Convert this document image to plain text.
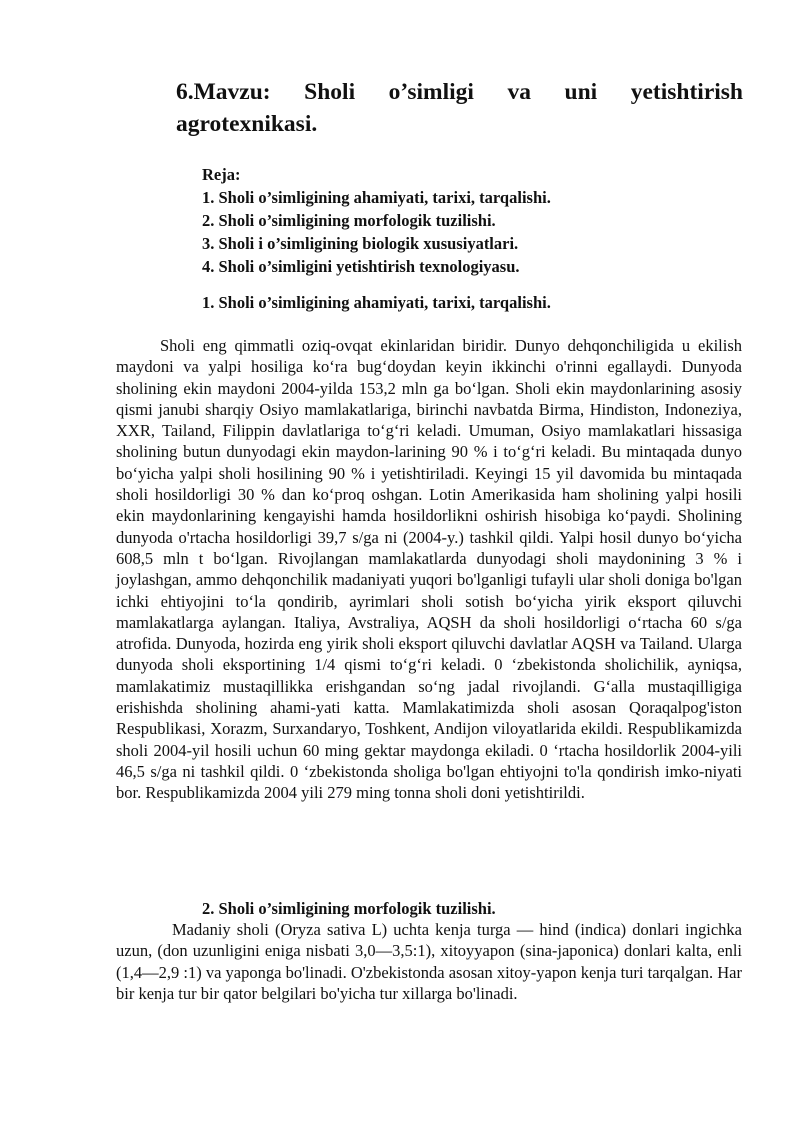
6.Mavzu: Sholi o’simligi va uni yetishtirish
agrotexnikasi.
Reja:
1. Sholi o’simligining ahamiyati, tarixi, tarqalishi.
2. Sholi o’simligining morfologik tuzilishi.
3. Sholi i o’simligining biologik xususiyatlari.
4. Sholi o’simligini yetishtirish texnologiyasu.
1. Sholi o’simligining ahamiyati, tarixi, tarqalishi.

Sholi eng qimmatli oziq-ovqat ekinlaridan biridir. Dunyo dehqonchiligida u ekilish maydoni va yalpi hosiliga ko‘ra bug‘doydan keyin ikkinchi o'rinni egallaydi. Dunyoda sholining ekin maydoni 2004-yilda 153,2 mln ga bo‘lgan. Sholi ekin maydonlarining asosiy qismi janubi sharqiy Osiyo mamlakatlariga, birinchi navbatda Birma, Hindiston, Indoneziya, XXR, Tailand, Filippin davlatlariga to‘g‘ri keladi. Umuman, Osiyo mamlakatlari hissasiga sholining butun dunyodagi ekin maydon-larining 90 % i to‘g‘ri keladi. Bu mintaqada dunyo bo‘yicha yalpi sholi hosilining 90 % i yetishtiriladi. Keyingi 15 yil davomida bu mintaqada sholi hosildorligi 30 % dan ko‘proq oshgan. Lotin Amerikasida ham sholining yalpi hosili ekin maydonlarining kengayishi hamda hosildorlikni oshirish hisobiga ko‘paydi. Sholining dunyoda o'rtacha hosildorligi 39,7 s/ga ni (2004-y.) tashkil qildi. Yalpi hosil dunyo bo‘yicha 608,5 mln t bo‘lgan. Rivojlangan mamlakatlarda dunyodagi sholi maydonining 3 % i joylashgan, ammo dehqonchilik madaniyati yuqori bo'lganligi tufayli ular sholi doniga bo'lgan ichki ehtiyojini to‘la qondirib, ayrimlari sholi sotish bo‘yicha yirik eksport qiluvchi mamlakatlarga aylangan. Italiya, Avstraliya, AQSH da sholi hosildorligi o‘rtacha 60 s/ga atrofida. Dunyoda, hozirda eng yirik sholi eksport qiluvchi davlatlar AQSH va Tailand. Ularga dunyoda sholi eksportining 1/4 qismi to‘g‘ri keladi. 0 ‘zbekistonda sholichilik, ayniqsa, mamlakatimiz mustaqillikka erishgandan so‘ng jadal rivojlandi. G‘alla mustaqilligiga erishishda sholining ahami-yati katta. Mamlakatimizda sholi asosan Qoraqalpog'iston Respublikasi, Xorazm, Surxandaryo, Toshkent, Andijon viloyatlarida ekildi. Respublikamizda sholi 2004-yil hosili uchun 60 ming gektar maydonga ekiladi. 0 ‘rtacha hosildorlik 2004-yili 46,5 s/ga ni tashkil qildi. 0 ‘zbekistonda sholiga bo'lgan ehtiyojni to'la qondirish imko-niyati bor. Respublikamizda 2004 yili 279 ming tonna sholi doni yetishtirildi.

2. Sholi o’simligining morfologik tuzilishi.

Madaniy sholi (Oryza sativa L) uchta kenja turga — hind (indica) donlari ingichka uzun, (don uzunligini eniga nisbati 3,0—3,5:1), xitoyyapon (sina-japonica) donlari kalta, enli (1,4—2,9 :1) va yaponga bo'linadi. O'zbekistonda asosan xitoy-yapon kenja turi tarqalgan. Har bir kenja tur bir qator belgilari bo'yicha tur xillarga bo'linadi.
